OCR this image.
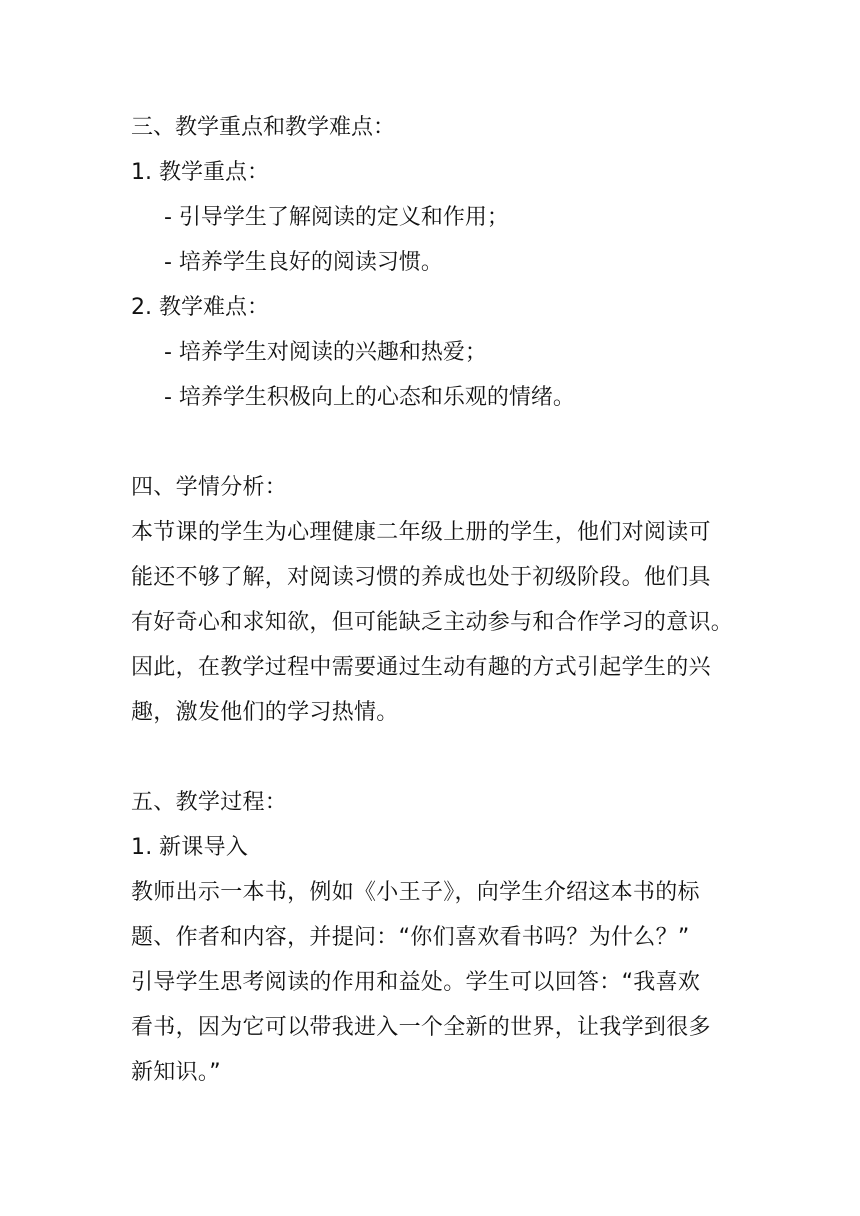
三、教学重点和教学难点：
1. 教学重点：
- 引导学生了解阅读的定义和作用；
- 培养学生良好的阅读习惯。
2. 教学难点：
- 培养学生对阅读的兴趣和热爱；
- 培养学生积极向上的心态和乐观的情绪。
四、学情分析：
本节课的学生为心理健康二年级上册的学生，他们对阅读可
能还不够了解，对阅读习惯的养成也处于初级阶段。他们具
有好奇心和求知欲，但可能缺乏主动参与和合作学习的意识。
因此，在教学过程中需要通过生动有趣的方式引起学生的兴
趣，激发他们的学习热情。
五、教学过程：
1. 新课导入
教师出示一本书，例如《小王子》，向学生介绍这本书的标
题、作者和内容，并提问：“你们喜欢看书吗？为什么？”
引导学生思考阅读的作用和益处。学生可以回答：“我喜欢
看书，因为它可以带我进入一个全新的世界，让我学到很多
新知识。”
